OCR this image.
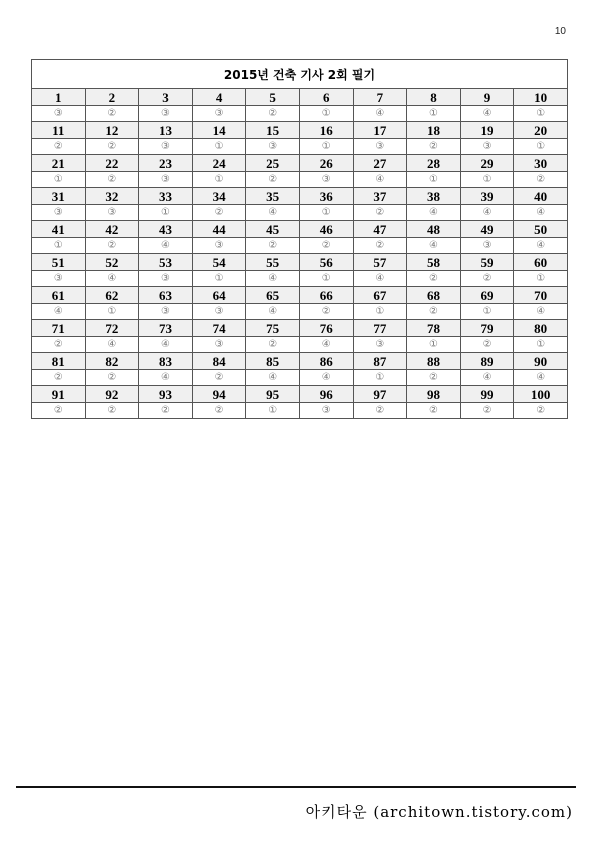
10
2015년 건축 기사 2회 필기									
1	2	3	4	5	6	7	8	9	10
③	②	③	③	②	①	④	①	④	①
11	12	13	14	15	16	17	18	19	20
②	②	③	①	③	①	③	②	③	①
21	22	23	24	25	26	27	28	29	30
①	②	③	①	②	③	④	①	①	②
31	32	33	34	35	36	37	38	39	40
③	③	①	②	④	①	②	④	④	④
41	42	43	44	45	46	47	48	49	50
①	②	④	③	②	②	②	④	③	④
51	52	53	54	55	56	57	58	59	60
③	④	③	①	④	①	④	②	②	①
61	62	63	64	65	66	67	68	69	70
④	①	③	③	④	②	①	②	①	④
71	72	73	74	75	76	77	78	79	80
②	④	④	③	②	④	③	①	②	①
81	82	83	84	85	86	87	88	89	90
②	②	④	②	④	④	①	②	④	④
91	92	93	94	95	96	97	98	99	100
②	②	②	②	①	③	②	②	②	②
아키타운 (architown.tistory.com)
